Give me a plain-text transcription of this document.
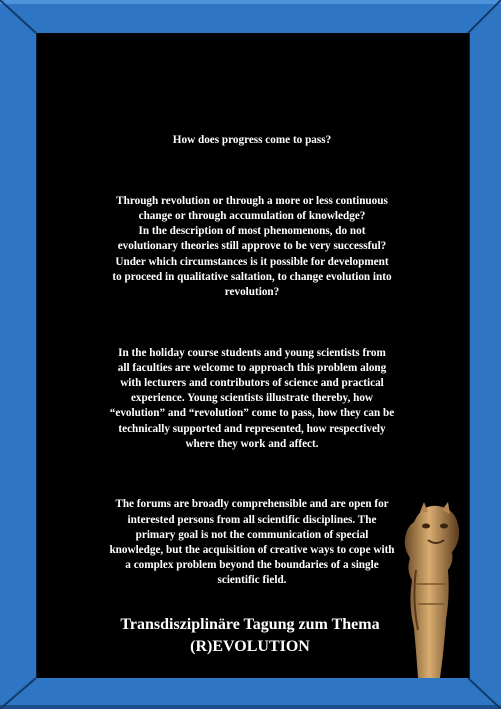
How does progress come to pass?

Through revolution or through a more or less continuous
change or through accumulation of knowledge?
In the description of most phenomenons, do not
evolutionary theories still approve to be very successful?
Under which circumstances is it possible for development
to proceed in qualitative saltation, to change evolution into
revolution?

In the holiday course students and young scientists from
all faculties are welcome to approach this problem along
with lecturers and contributors of science and practical
experience. Young scientists illustrate thereby, how
“evolution” and “revolution” come to pass, how they can be
technically supported and represented, how respectively
where they work and affect.

The forums are broadly comprehensible and are open for
interested persons from all scientific disciplines. The
primary goal is not the communication of special
knowledge, but the acquisition of creative ways to cope with
a complex problem beyond the boundaries of a single
scientific field.

Transdisziplinäre Tagung zum Thema
(R)EVOLUTION
